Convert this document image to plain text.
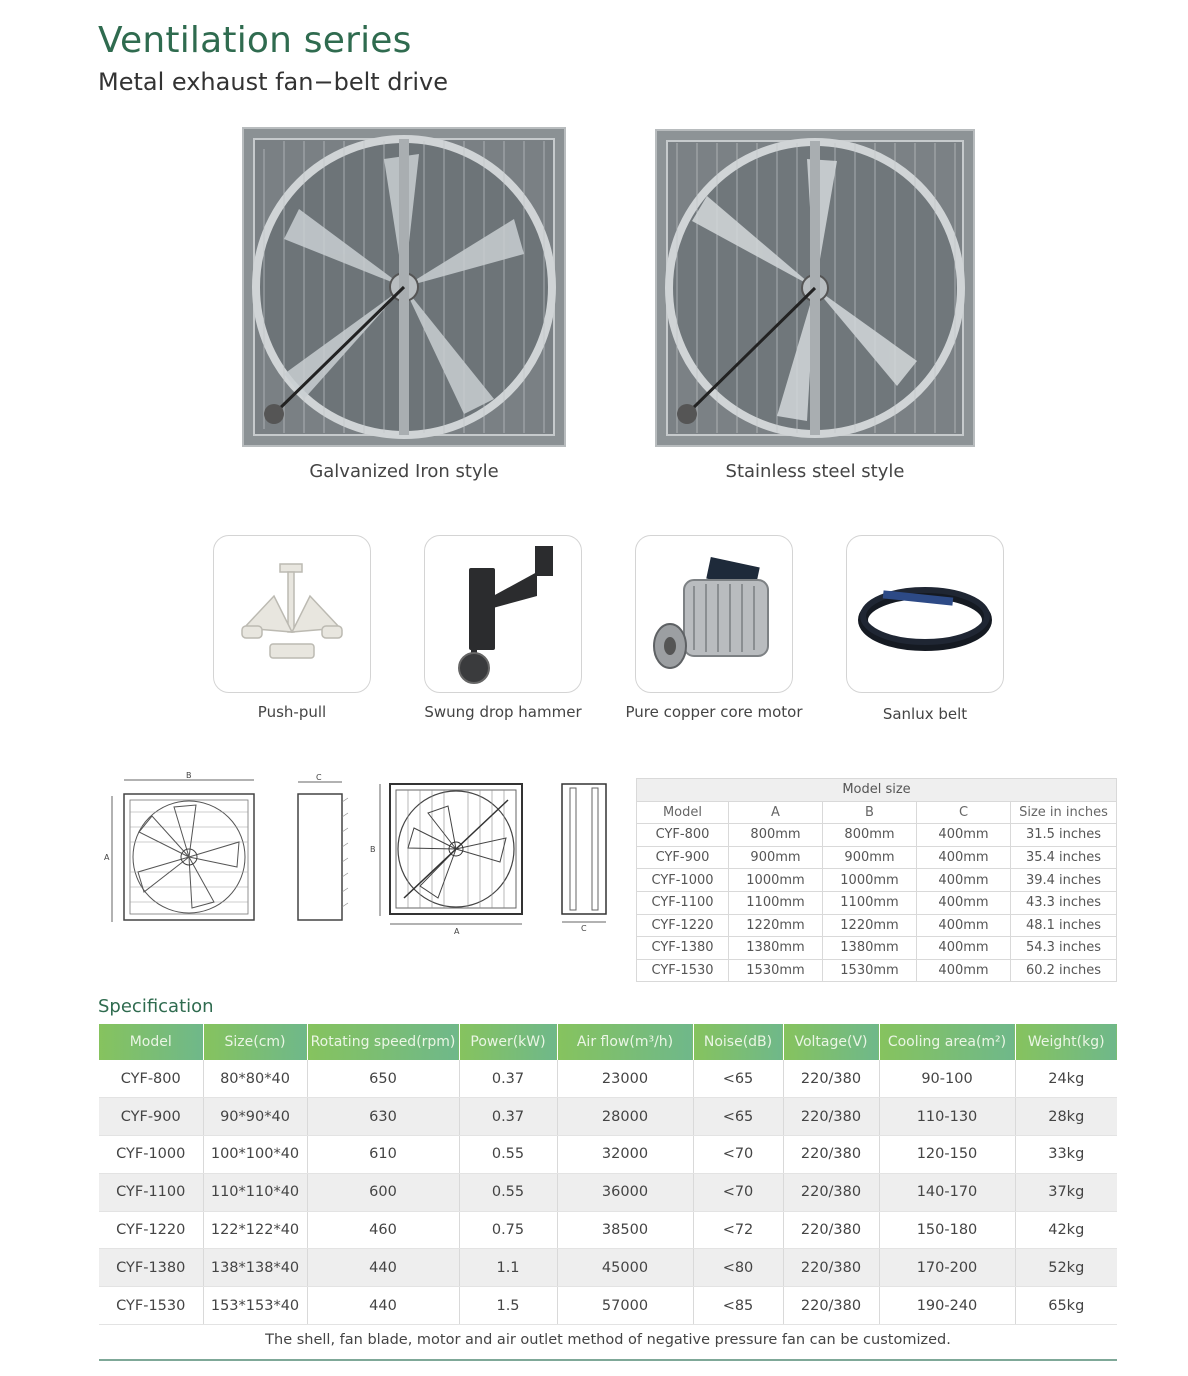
Ventilation series
Metal exhaust fan−belt drive
Galvanized Iron style	Stainless steel style
Push-pull	Swung drop hammer	Pure copper core motor	Sanlux belt
B
A
C
B
A	C
Model size				
Model	A	B	C	Size in inches
CYF-800	800mm	800mm	400mm	31.5 inches
CYF-900	900mm	900mm	400mm	35.4 inches
CYF-1000	1000mm	1000mm	400mm	39.4 inches
CYF-1100	1100mm	1100mm	400mm	43.3 inches
CYF-1220	1220mm	1220mm	400mm	48.1 inches
CYF-1380	1380mm	1380mm	400mm	54.3 inches
CYF-1530	1530mm	1530mm	400mm	60.2 inches
Specification
Model	Size(cm)	Rotating speed(rpm)	Power(kW)	Air flow(m³/h)	Noise(dB)	Voltage(V)	Cooling area(m²)	Weight(kg)
CYF-800	80*80*40	650	0.37	23000	<65	220/380	90-100	24kg
CYF-900	90*90*40	630	0.37	28000	<65	220/380	110-130	28kg
CYF-1000	100*100*40	610	0.55	32000	<70	220/380	120-150	33kg
CYF-1100	110*110*40	600	0.55	36000	<70	220/380	140-170	37kg
CYF-1220	122*122*40	460	0.75	38500	<72	220/380	150-180	42kg
CYF-1380	138*138*40	440	1.1	45000	<80	220/380	170-200	52kg
CYF-1530	153*153*40	440	1.5	57000	<85	220/380	190-240	65kg
The shell, fan blade, motor and air outlet method of negative pressure fan can be customized.
